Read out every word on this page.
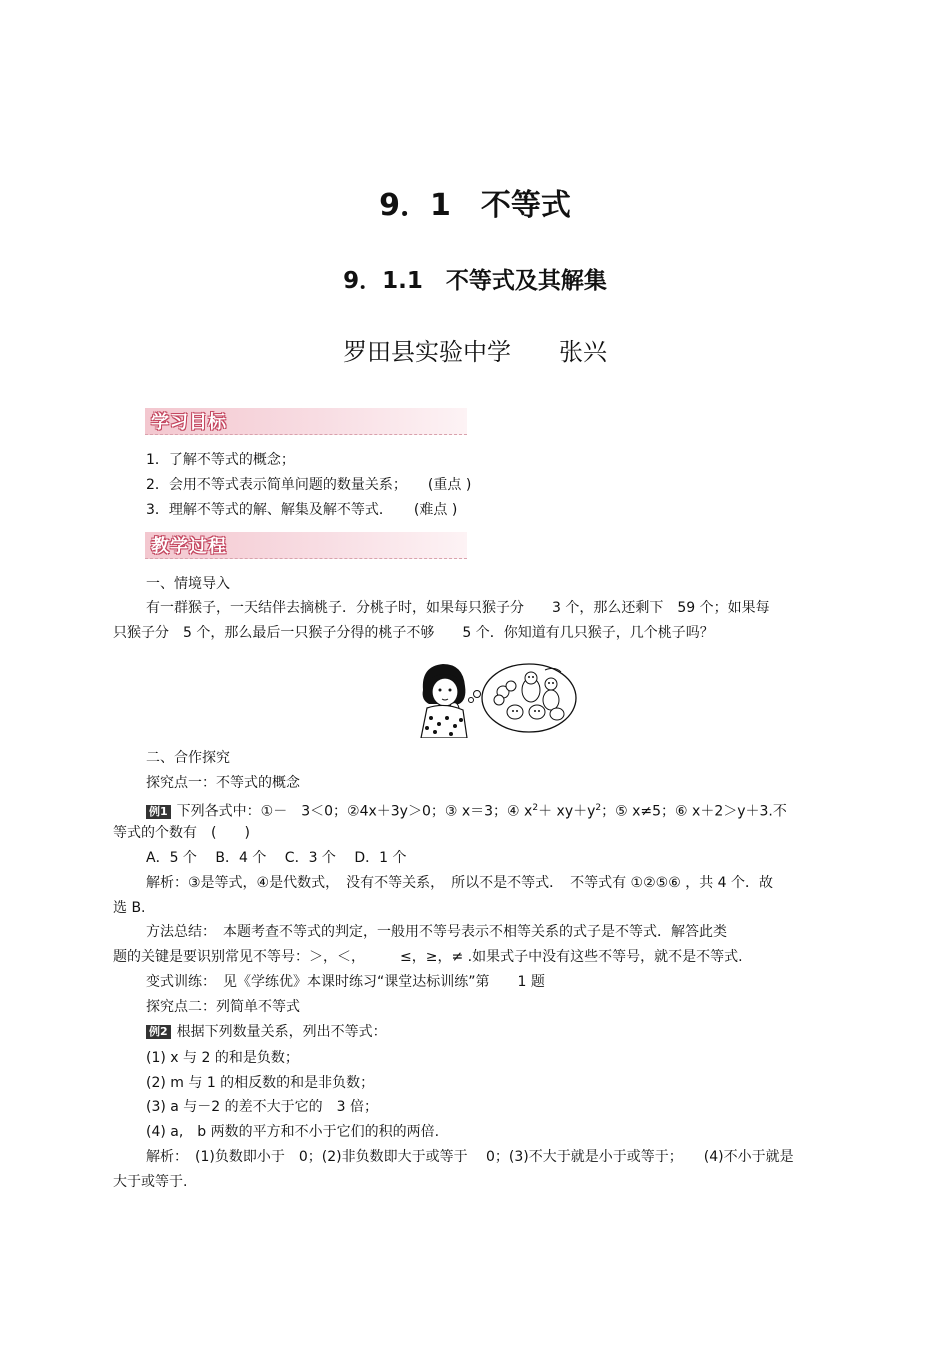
9．1　不等式
9．1.1　不等式及其解集
罗田县实验中学　　张兴
学习目标
1．了解不等式的概念；
2．会用不等式表示简单问题的数量关系；　　(重点 )
3．理解不等式的解、解集及解不等式．　　(难点 )
教学过程
一、情境导入
有一群猴子，一天结伴去摘桃子．分桃子时，如果每只猴子分　　3 个，那么还剩下　59 个；如果每
只猴子分　5 个，那么最后一只猴子分得的桃子不够　　5 个．你知道有几只猴子，几个桃子吗？
二、合作探究
探究点一：不等式的概念
例1 下列各式中：①－　3＜0；②4x＋3y＞0；③ x＝3；④ $x^2+ xy+y^2$；⑤ x≠5；⑥ x＋2＞y＋3.不
等式的个数有　(　　)
A．5 个　 B．4 个　 C．3 个　 D．1 个
解析：③是等式，④是代数式，　没有不等关系，　所以不是不等式．　不等式有 ①②⑤⑥ ，共 4 个．故
选 B.
方法总结：　本题考查不等式的判定，一般用不等号表示不相等关系的式子是不等式．解答此类
题的关键是要识别常见不等号：＞，＜，　　　≤，≥，≠ .如果式子中没有这些不等号，就不是不等式.
变式训练：　见《学练优》本课时练习“课堂达标训练”第　　1 题
探究点二：列简单不等式
例2 根据下列数量关系，列出不等式：
(1) x 与 2 的和是负数；
(2) m 与 1 的相反数的和是非负数；
(3) a 与－2 的差不大于它的　3 倍；
(4) a,　b 两数的平方和不小于它们的积的两倍.
解析：　(1)负数即小于　0；(2)非负数即大于或等于　 0；(3)不大于就是小于或等于；　　(4)不小于就是
大于或等于.
